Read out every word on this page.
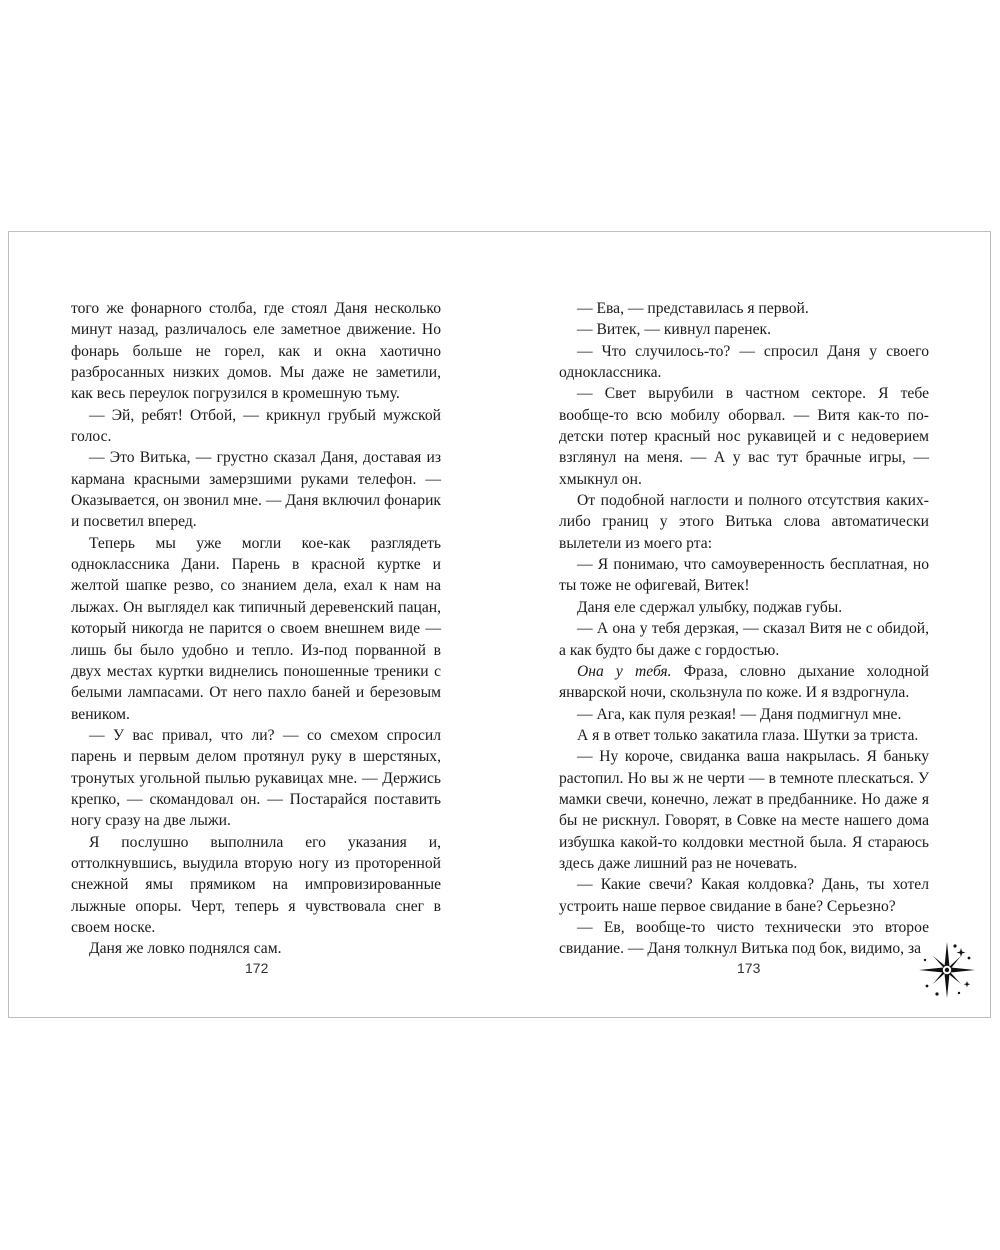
того же фонарного столба, где стоял Даня несколько минут назад, различалось еле заметное движение. Но фонарь больше не горел, как и окна хаотично разбросанных низких домов. Мы даже не заметили, как весь переулок погрузился в кромешную тьму.

— Эй, ребят! Отбой, — крикнул грубый мужской голос.

— Это Витька, — грустно сказал Даня, доставая из кармана красными замерзшими руками телефон. — Оказывается, он звонил мне. — Даня включил фонарик и посветил вперед.

Теперь мы уже могли кое-как разглядеть одноклассника Дани. Парень в красной куртке и желтой шапке резво, со знанием дела, ехал к нам на лыжах. Он выглядел как типичный деревенский пацан, который никогда не парится о своем внешнем виде — лишь бы было удобно и тепло. Из-под порванной в двух местах куртки виднелись поношенные треники с белыми лампасами. От него пахло баней и березовым веником.

— У вас привал, что ли? — со смехом спросил парень и первым делом протянул руку в шерстяных, тронутых угольной пылью рукавицах мне. — Держись крепко, — скомандовал он. — Постарайся поставить ногу сразу на две лыжи.

Я послушно выполнила его указания и, оттолкнувшись, выудила вторую ногу из проторенной снежной ямы прямиком на импровизированные лыжные опоры. Черт, теперь я чувствовала снег в своем носке.

Даня же ловко поднялся сам.

— Ева, — представилась я первой.

— Витек, — кивнул паренек.

— Что случилось-то? — спросил Даня у своего одноклассника.

— Свет вырубили в частном секторе. Я тебе вообще-то всю мобилу оборвал. — Витя как-то по-детски потер красный нос рукавицей и с недоверием взглянул на меня. — А у вас тут брачные игры, — хмыкнул он.

От подобной наглости и полного отсутствия каких-либо границ у этого Витька слова автоматически вылетели из моего рта:

— Я понимаю, что самоуверенность бесплатная, но ты тоже не офигевай, Витек!

Даня еле сдержал улыбку, поджав губы.

— А она у тебя дерзкая, — сказал Витя не с обидой, а как будто бы даже с гордостью.

Она у тебя. Фраза, словно дыхание холодной январской ночи, скользнула по коже. И я вздрогнула.

— Ага, как пуля резкая! — Даня подмигнул мне.

А я в ответ только закатила глаза. Шутки за триста.

— Ну короче, свиданка ваша накрылась. Я баньку растопил. Но вы ж не черти — в темноте плескаться. У мамки свечи, конечно, лежат в предбаннике. Но даже я бы не рискнул. Говорят, в Совке на месте нашего дома избушка какой-то колдовки местной была. Я стараюсь здесь даже лишний раз не ночевать.

— Какие свечи? Какая колдовка? Дань, ты хотел устроить наше первое свидание в бане? Серьезно?

— Ев, вообще-то чисто технически это второе свидание. — Даня толкнул Витька под бок, видимо, за

172	173
